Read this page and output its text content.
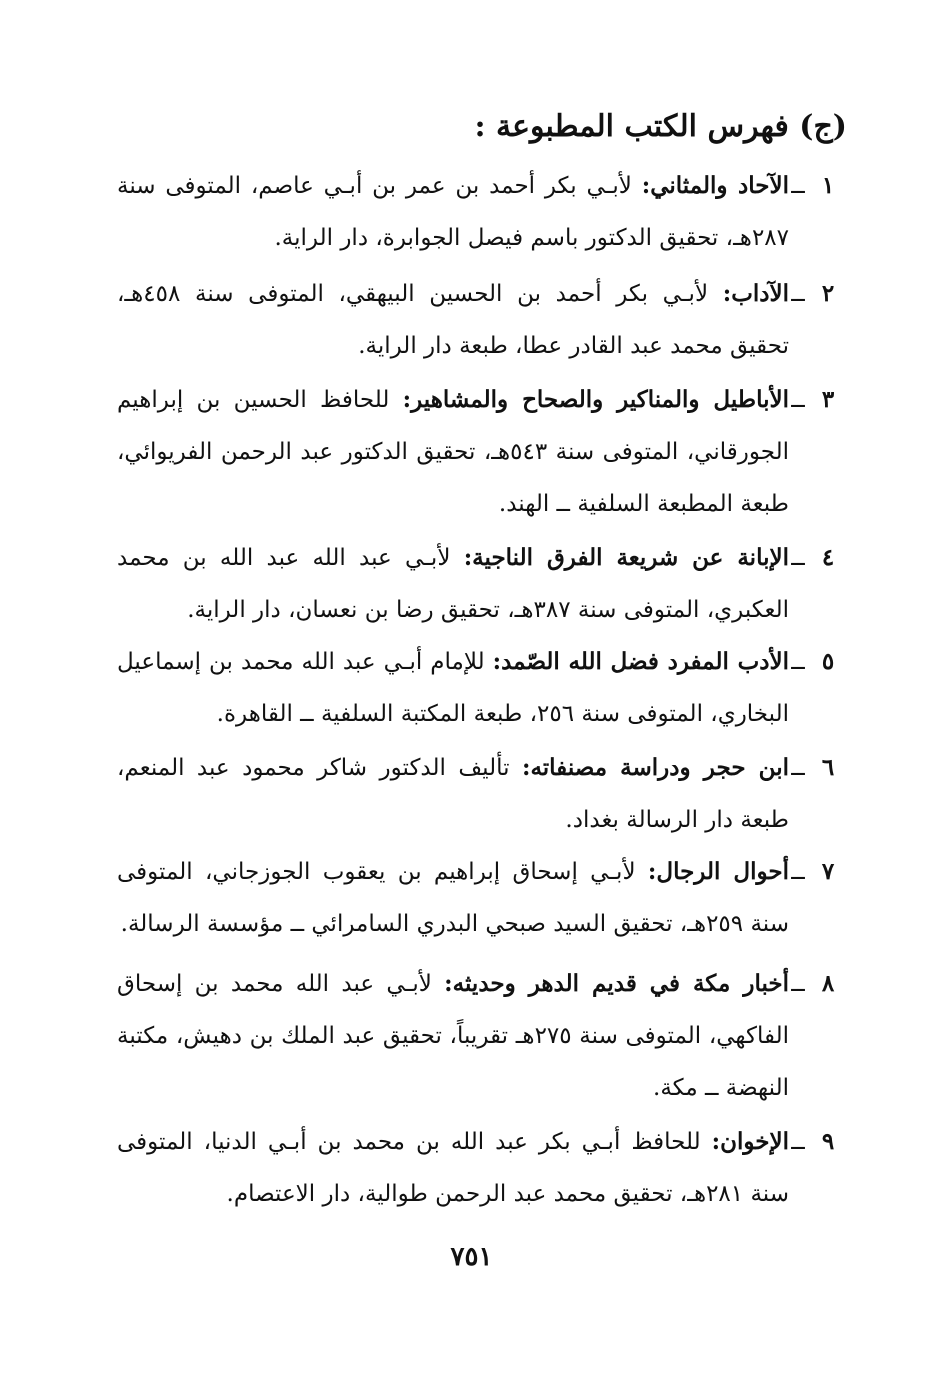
(ج) فهرس الكتب المطبوعة :
١
ــ
الآحاد والمثاني: لأبـي بكر أحمد بن عمر بن أبـي عاصم، المتوفى سنة ٢٨٧هـ، تحقيق الدكتور باسم فيصل الجوابرة، دار الراية.
٢
ــ
الآداب: لأبـي بكر أحمد بن الحسين البيهقي، المتوفى سنة ٤٥٨هـ، تحقيق محمد عبد القادر عطا، طبعة دار الراية.
٣
ــ
الأباطيل والمناكير والصحاح والمشاهير: للحافظ الحسين بن إبراهيم الجورقاني، المتوفى سنة ٥٤٣هـ، تحقيق الدكتور عبد الرحمن الفريوائي، طبعة المطبعة السلفية ــ الهند.
٤
ــ
الإبانة عن شريعة الفرق الناجية: لأبـي عبد الله عبد الله بن محمد العكبري، المتوفى سنة ٣٨٧هـ، تحقيق رضا بن نعسان، دار الراية.
٥
ــ
الأدب المفرد فضل الله الصّمد: للإمام أبـي عبد الله محمد بن إسماعيل البخاري، المتوفى سنة ٢٥٦، طبعة المكتبة السلفية ــ القاهرة.
٦
ــ
ابن حجر ودراسة مصنفاته: تأليف الدكتور شاكر محمود عبد المنعم، طبعة دار الرسالة بغداد.
٧
ــ
أحوال الرجال: لأبـي إسحاق إبراهيم بن يعقوب الجوزجاني، المتوفى سنة ٢٥٩هـ، تحقيق السيد صبحي البدري السامرائي ــ مؤسسة الرسالة.
٨
ــ
أخبار مكة في قديم الدهر وحديثه: لأبـي عبد الله محمد بن إسحاق الفاكهي، المتوفى سنة ٢٧٥هـ تقريباً، تحقيق عبد الملك بن دهيش، مكتبة النهضة ــ مكة.
٩
ــ
الإخوان: للحافظ أبـي بكر عبد الله بن محمد بن أبـي الدنيا، المتوفى سنة ٢٨١هـ، تحقيق محمد عبد الرحمن طوالية، دار الاعتصام.
٧٥١
